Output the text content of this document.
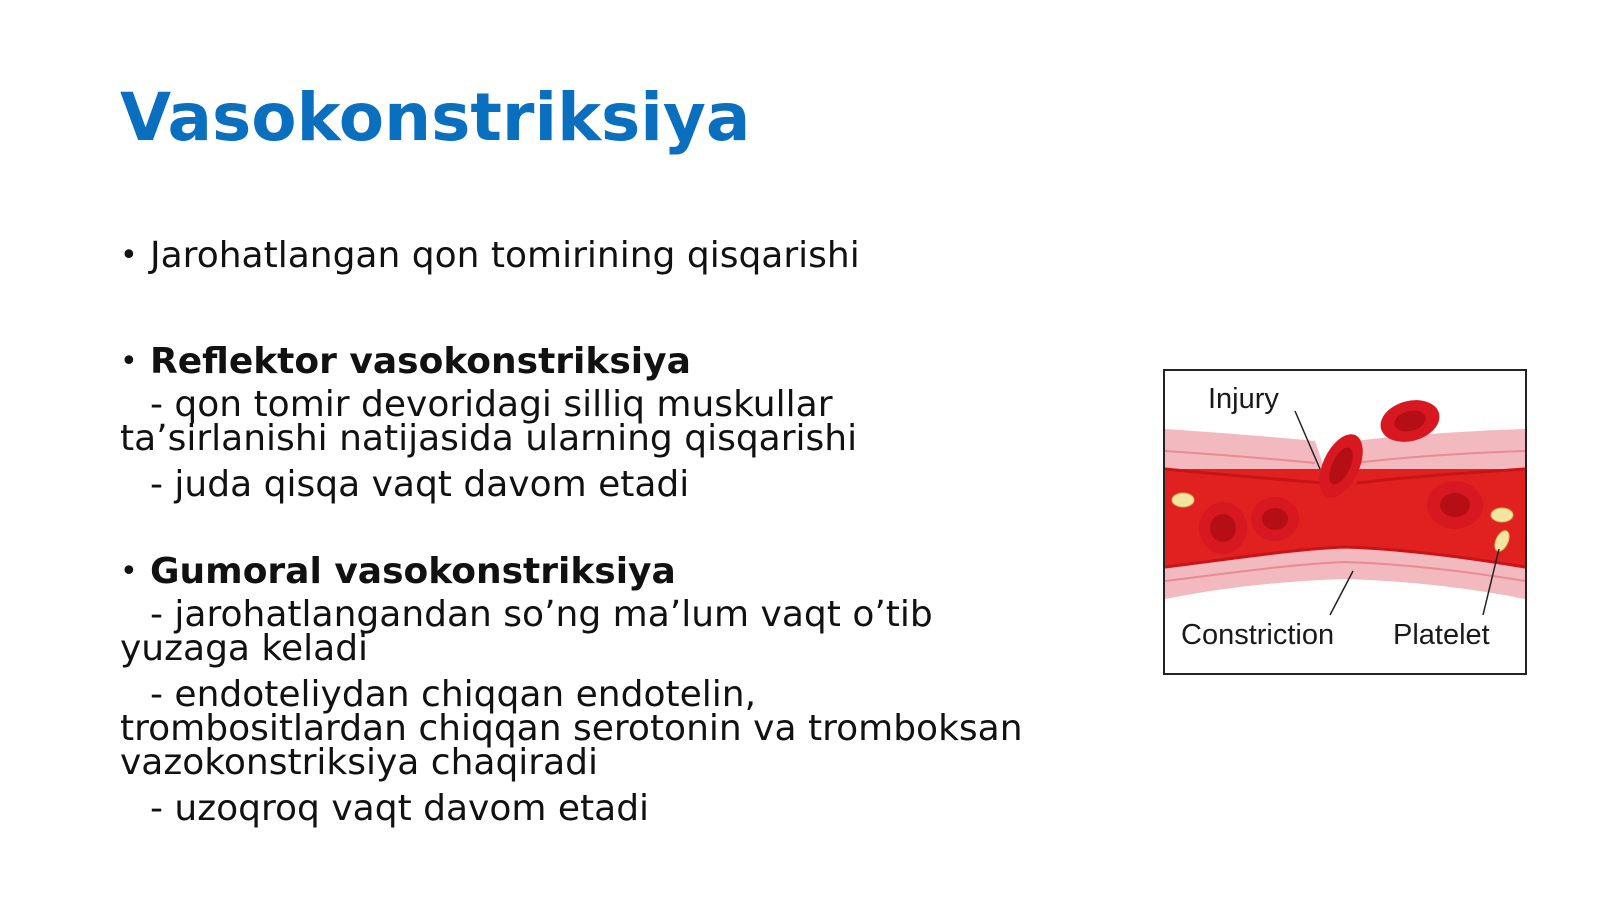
Vasokonstriksiya
• Jarohatlangan qon tomirining qisqarishi
• Reflektor vasokonstriksiya

- qon tomir devoridagi silliq muskullar
ta’sirlanishi natijasida ularning qisqarishi

- juda qisqa vaqt davom etadi

• Gumoral vasokonstriksiya

- jarohatlangandan so’ng ma’lum vaqt o’tib
yuzaga keladi

- endoteliydan chiqqan endotelin,
trombositlardan chiqqan serotonin va tromboksan
vazokonstriksiya chaqiradi

- uzoqroq vaqt davom etadi

Injury
Constriction Platelet
